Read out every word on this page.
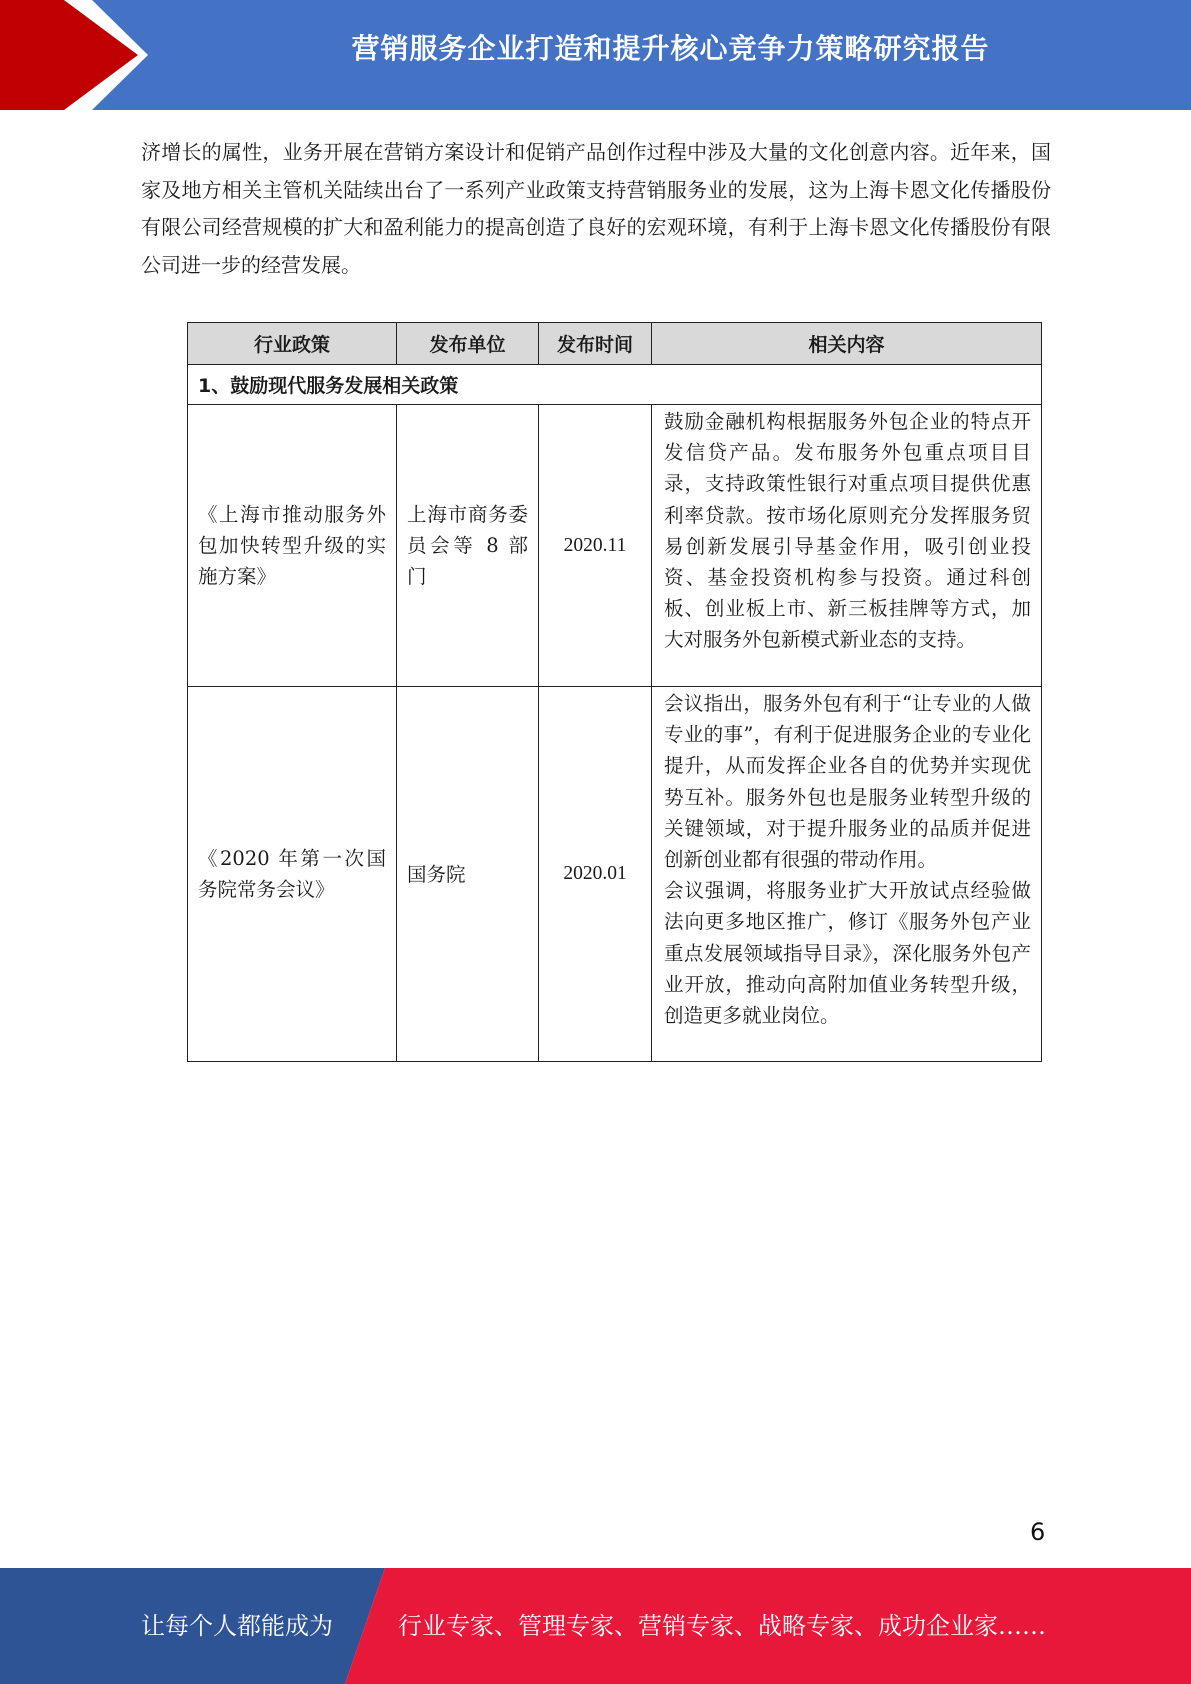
营销服务企业打造和提升核心竞争力策略研究报告
济增长的属性，业务开展在营销方案设计和促销产品创作过程中涉及大量的文化创意内容。近年来，国家及地方相关主管机关陆续出台了一系列产业政策支持营销服务业的发展，这为上海卡恩文化传播股份有限公司经营规模的扩大和盈利能力的提高创造了良好的宏观环境，有利于上海卡恩文化传播股份有限公司进一步的经营发展。
行业政策	发布单位	发布时间	相关内容
1、鼓励现代服务发展相关政策			
《上海市推动服务外包加快转型升级的实施方案》	上海市商务委员会等 8 部门	2020.11	鼓励金融机构根据服务外包企业的特点开发信贷产品。发布服务外包重点项目目录，支持政策性银行对重点项目提供优惠利率贷款。按市场化原则充分发挥服务贸易创新发展引导基金作用，吸引创业投资、基金投资机构参与投资。通过科创板、创业板上市、新三板挂牌等方式，加大对服务外包新模式新业态的支持。

《2020 年第一次国务院常务会议》	国务院	2020.01	会议指出，服务外包有利于“让专业的人做专业的事”，有利于促进服务企业的专业化提升，从而发挥企业各自的优势并实现优势互补。服务外包也是服务业转型升级的关键领域，对于提升服务业的品质并促进创新创业都有很强的带动作用。

会议强调，将服务业扩大开放试点经验做法向更多地区推广，修订《服务外包产业重点发展领域指导目录》，深化服务外包产业开放，推动向高附加值业务转型升级，创造更多就业岗位。

6
让每个人都能成为	行业专家、管理专家、营销专家、战略专家、成功企业家……
